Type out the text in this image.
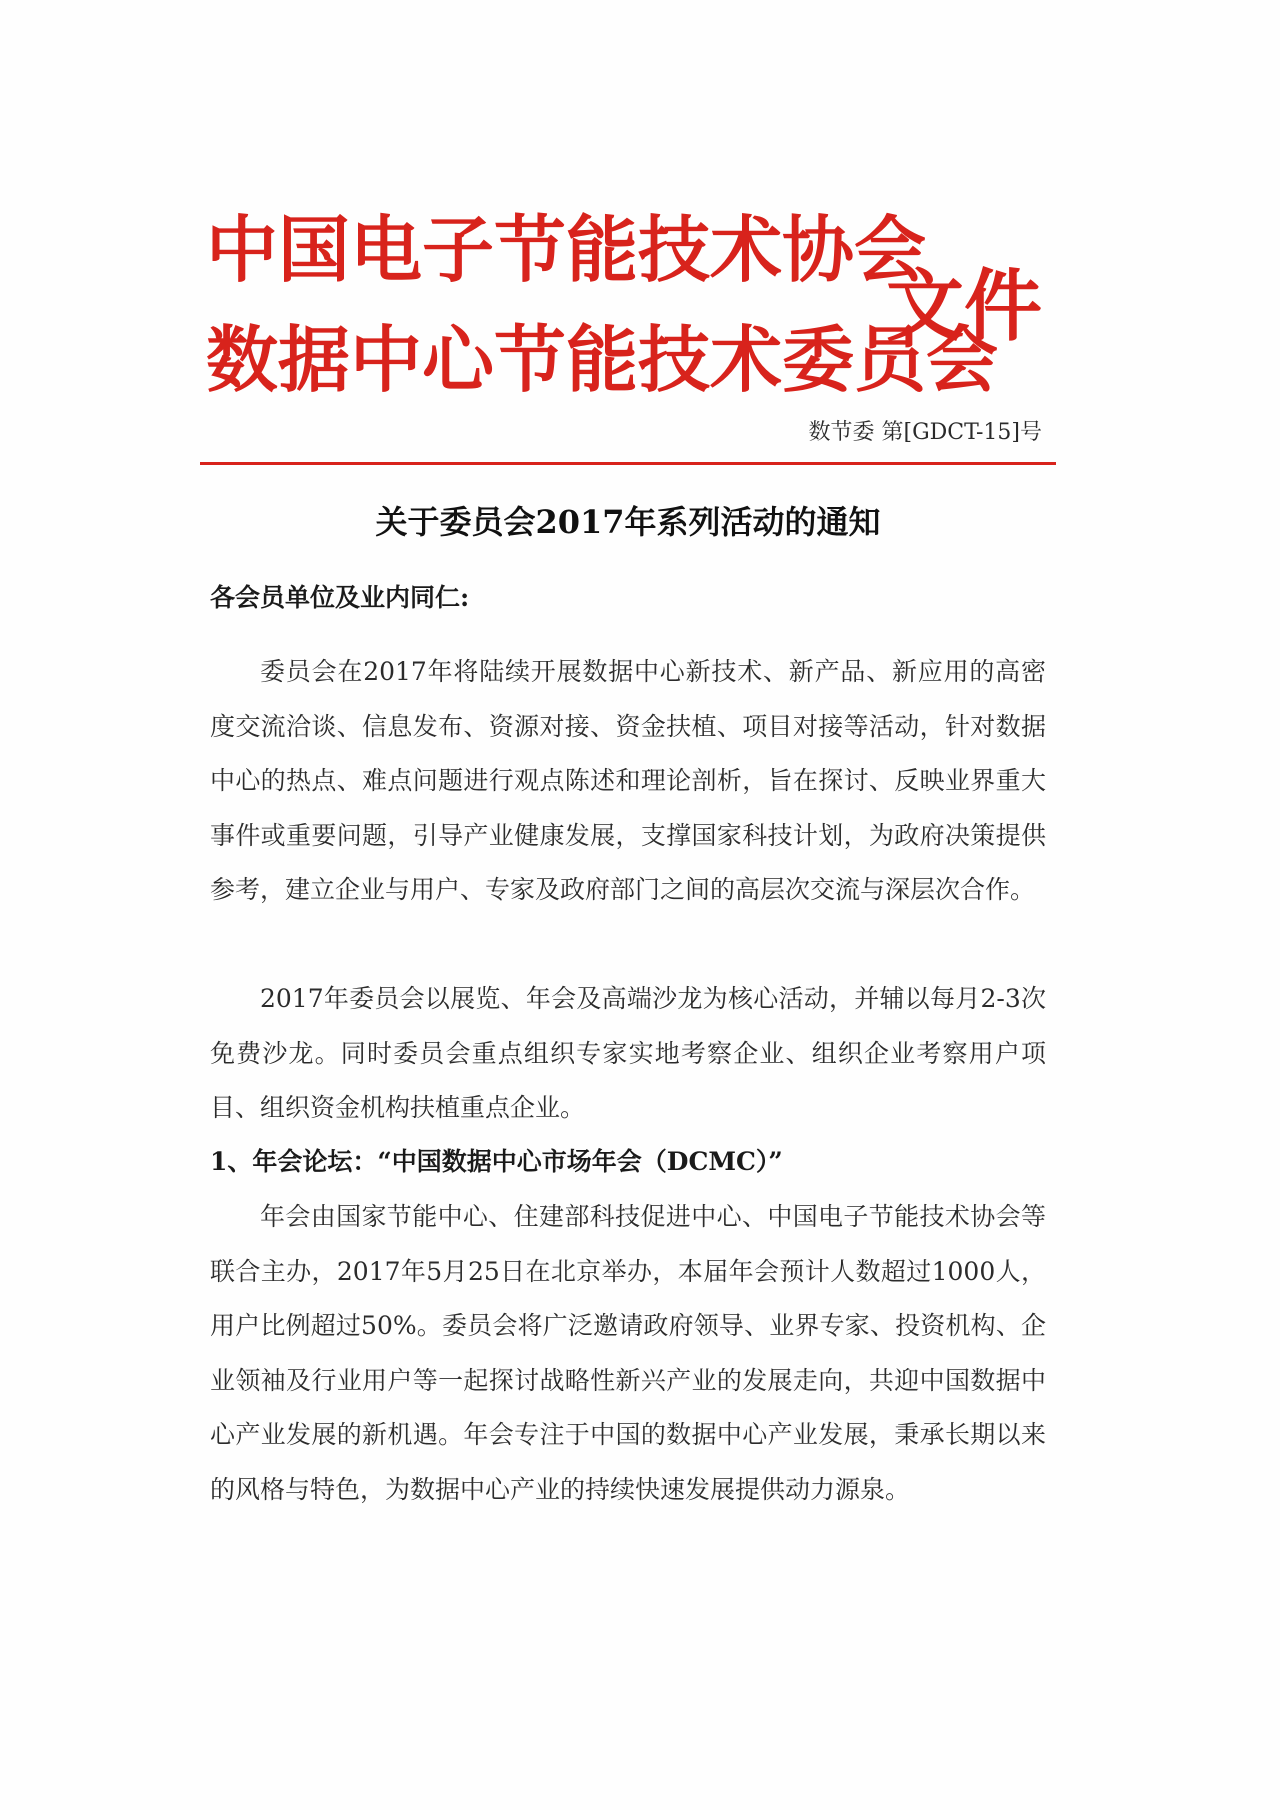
中国电子节能技术协会
数据中心节能技术委员会
文件
数节委 第[GDCT-15]号
关于委员会2017年系列活动的通知
各会员单位及业内同仁:

委员会在2017年将陆续开展数据中心新技术、新产品、新应用的高密度交流洽谈、信息发布、资源对接、资金扶植、项目对接等活动，针对数据中心的热点、难点问题进行观点陈述和理论剖析，旨在探讨、反映业界重大事件或重要问题，引导产业健康发展，支撑国家科技计划，为政府决策提供参考，建立企业与用户、专家及政府部门之间的高层次交流与深层次合作。

2017年委员会以展览、年会及高端沙龙为核心活动，并辅以每月2-3次免费沙龙。同时委员会重点组织专家实地考察企业、组织企业考察用户项目、组织资金机构扶植重点企业。

1、年会论坛：“中国数据中心市场年会（DCMC）”

年会由国家节能中心、住建部科技促进中心、中国电子节能技术协会等联合主办，2017年5月25日在北京举办，本届年会预计人数超过1000人，用户比例超过50%。委员会将广泛邀请政府领导、业界专家、投资机构、企业领袖及行业用户等一起探讨战略性新兴产业的发展走向，共迎中国数据中心产业发展的新机遇。年会专注于中国的数据中心产业发展，秉承长期以来的风格与特色，为数据中心产业的持续快速发展提供动力源泉。
